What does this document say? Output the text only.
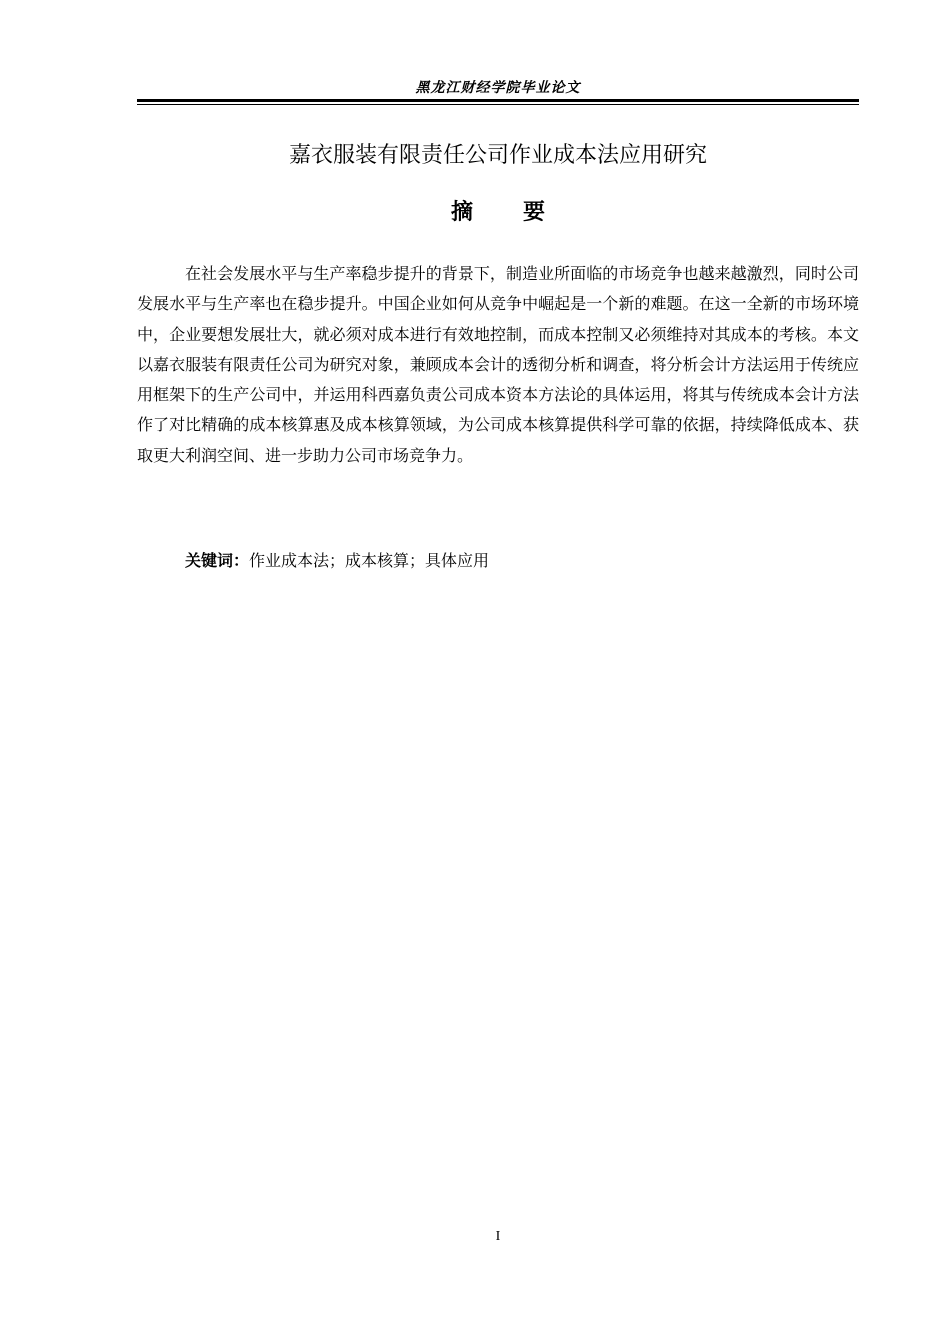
黑龙江财经学院毕业论文
嘉衣服装有限责任公司作业成本法应用研究
摘要

在社会发展水平与生产率稳步提升的背景下，制造业所面临的市场竞争也越来越激烈，同时公司发展水平与生产率也在稳步提升。中国企业如何从竞争中崛起是一个新的难题。在这一全新的市场环境中，企业要想发展壮大，就必须对成本进行有效地控制，而成本控制又必须维持对其成本的考核。本文以嘉衣服装有限责任公司为研究对象，兼顾成本会计的透彻分析和调查，将分析会计方法运用于传统应用框架下的生产公司中，并运用科西嘉负责公司成本资本方法论的具体运用，将其与传统成本会计方法作了对比精确的成本核算惠及成本核算领域，为公司成本核算提供科学可靠的依据，持续降低成本、获取更大利润空间、进一步助力公司市场竞争力。

关键词：作业成本法；成本核算；具体应用
I
